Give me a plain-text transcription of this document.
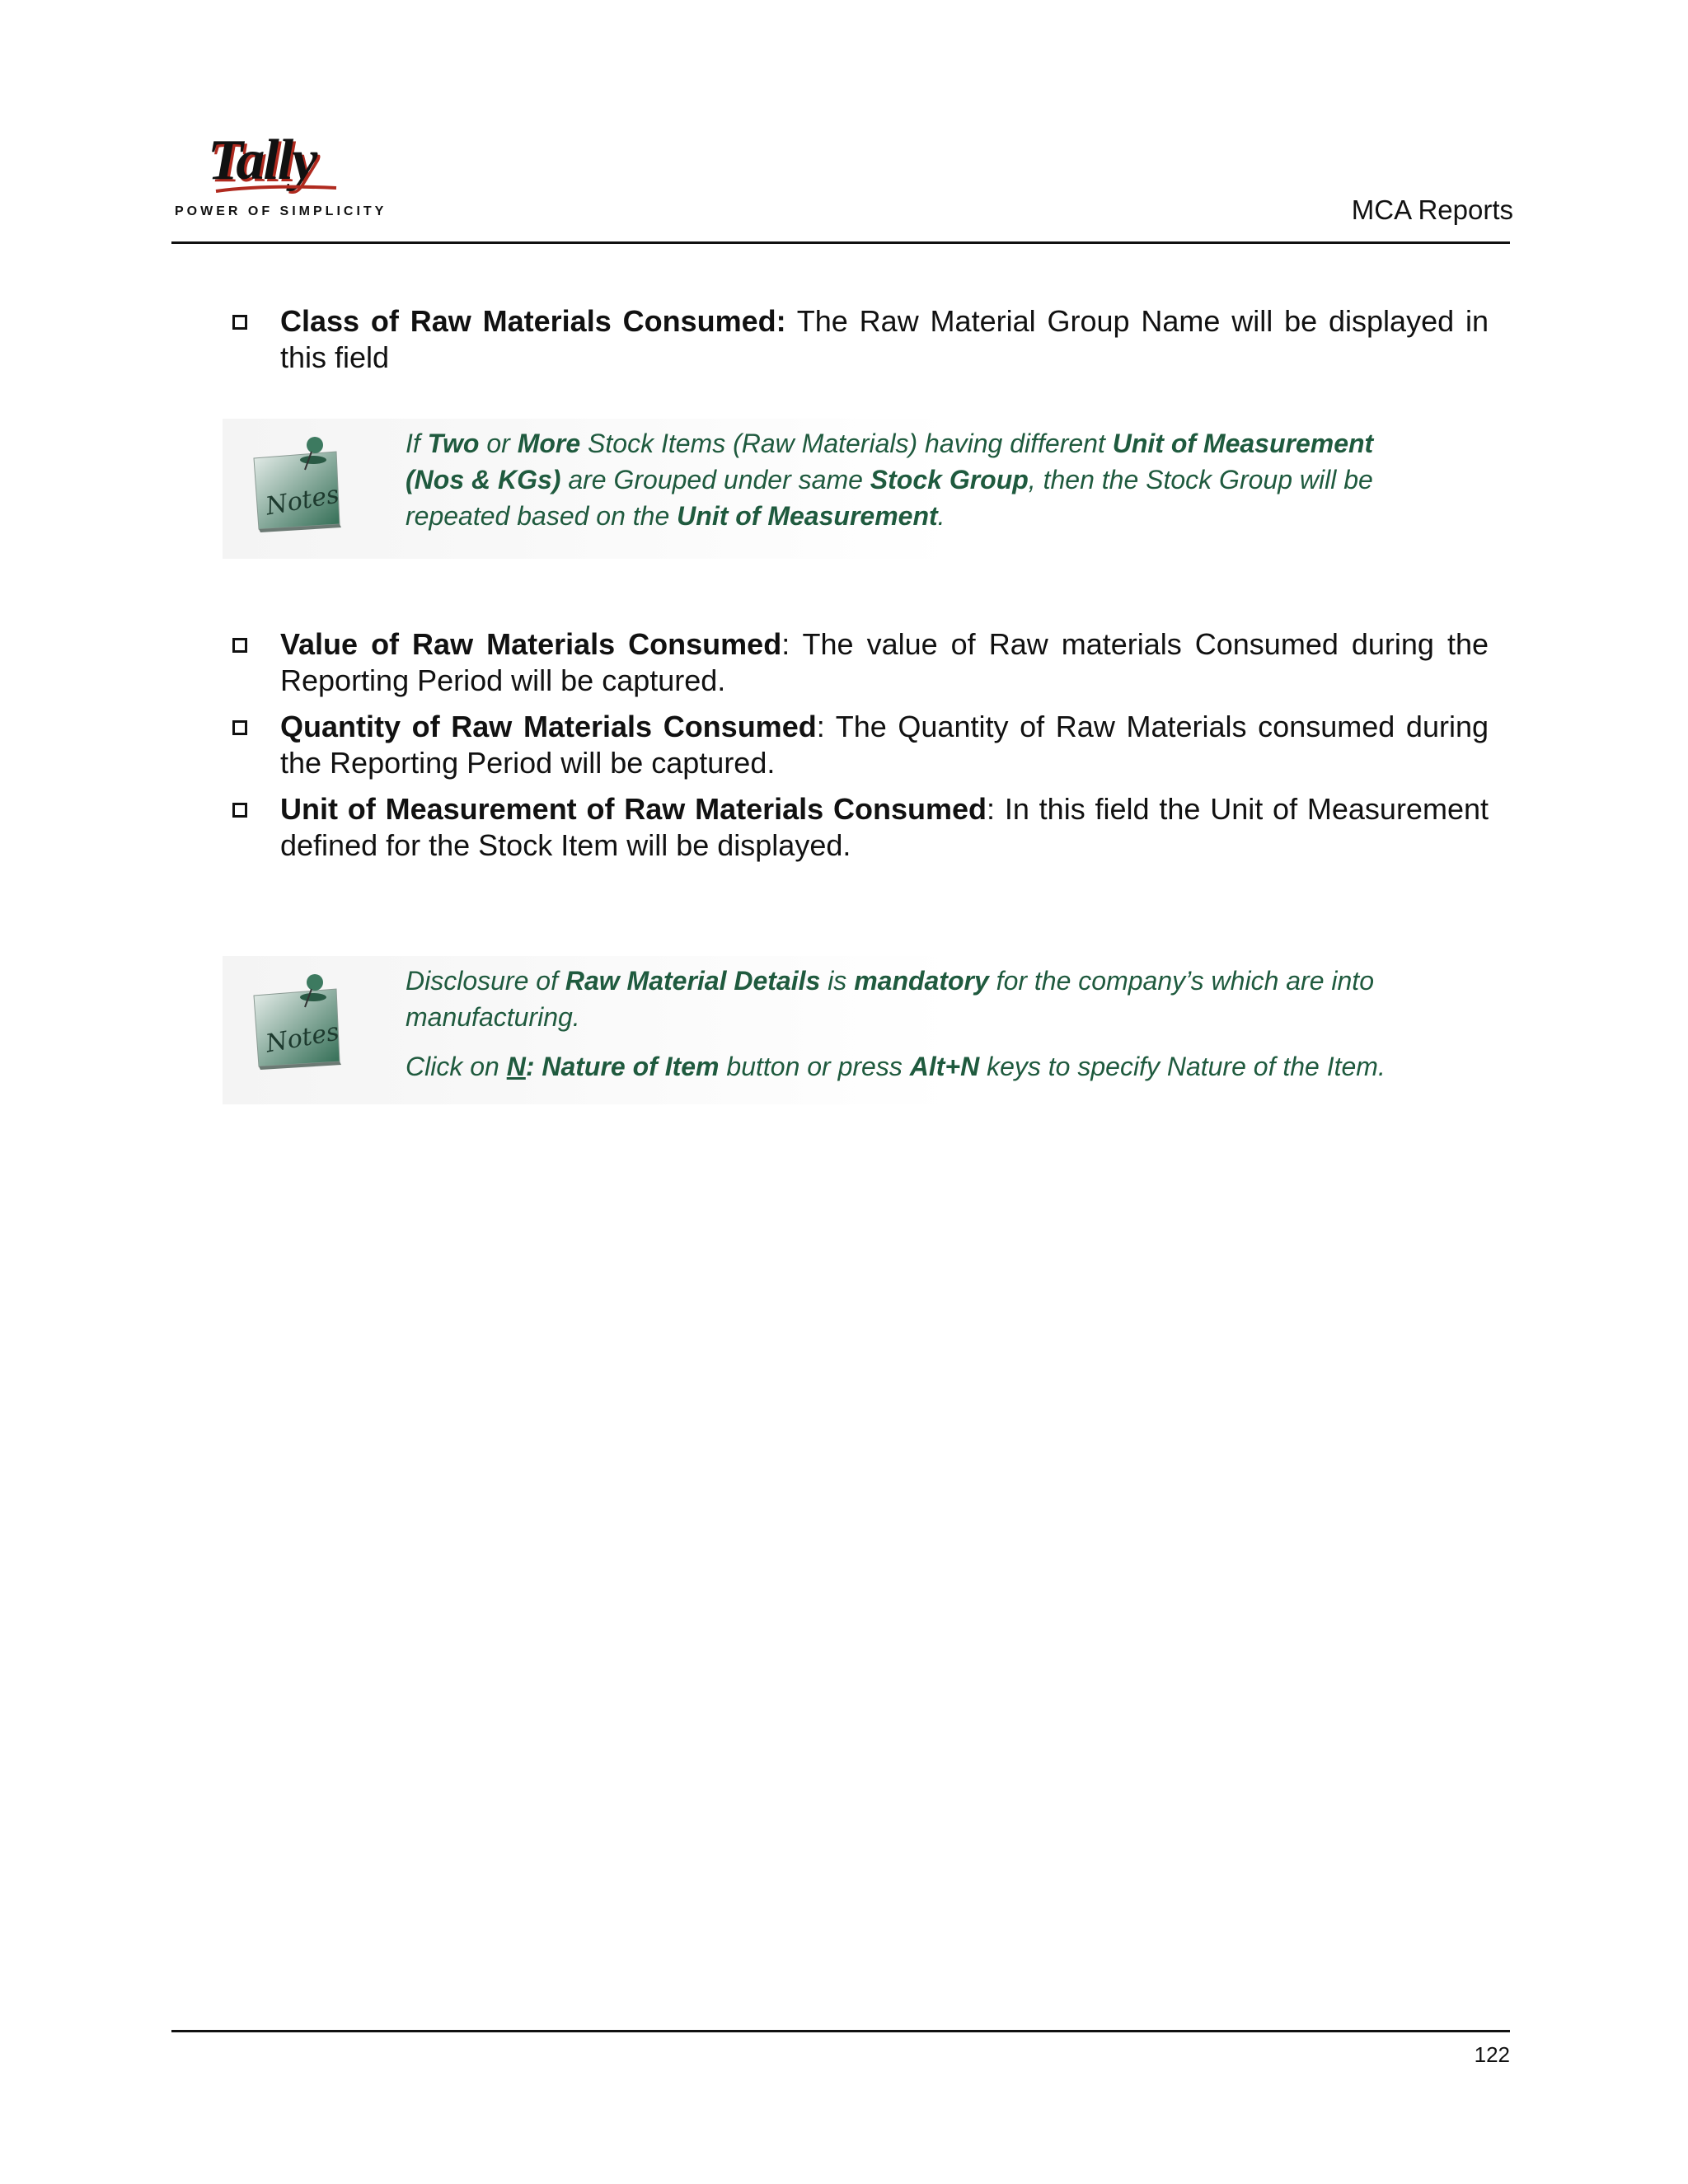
Tally
POWER OF SIMPLICITY	MCA Reports
Class of Raw Materials Consumed: The Raw Material Group Name will be displayed in this field
Notes

If Two or More Stock Items (Raw Materials) having different Unit of Measurement (Nos & KGs) are Grouped under same Stock Group, then the Stock Group will be repeated based on the Unit of Measurement.

Value of Raw Materials Consumed: The value of Raw materials Consumed during the Reporting Period will be captured.
Quantity of Raw Materials Consumed: The Quantity of Raw Materials consumed during the Reporting Period will be captured.
Unit of Measurement of Raw Materials Consumed: In this field the Unit of Measurement defined for the Stock Item will be displayed.
Notes

Disclosure of Raw Material Details is mandatory for the company’s which are into manufacturing.

Click on N: Nature of Item button or press Alt+N keys to specify Nature of the Item.

122
